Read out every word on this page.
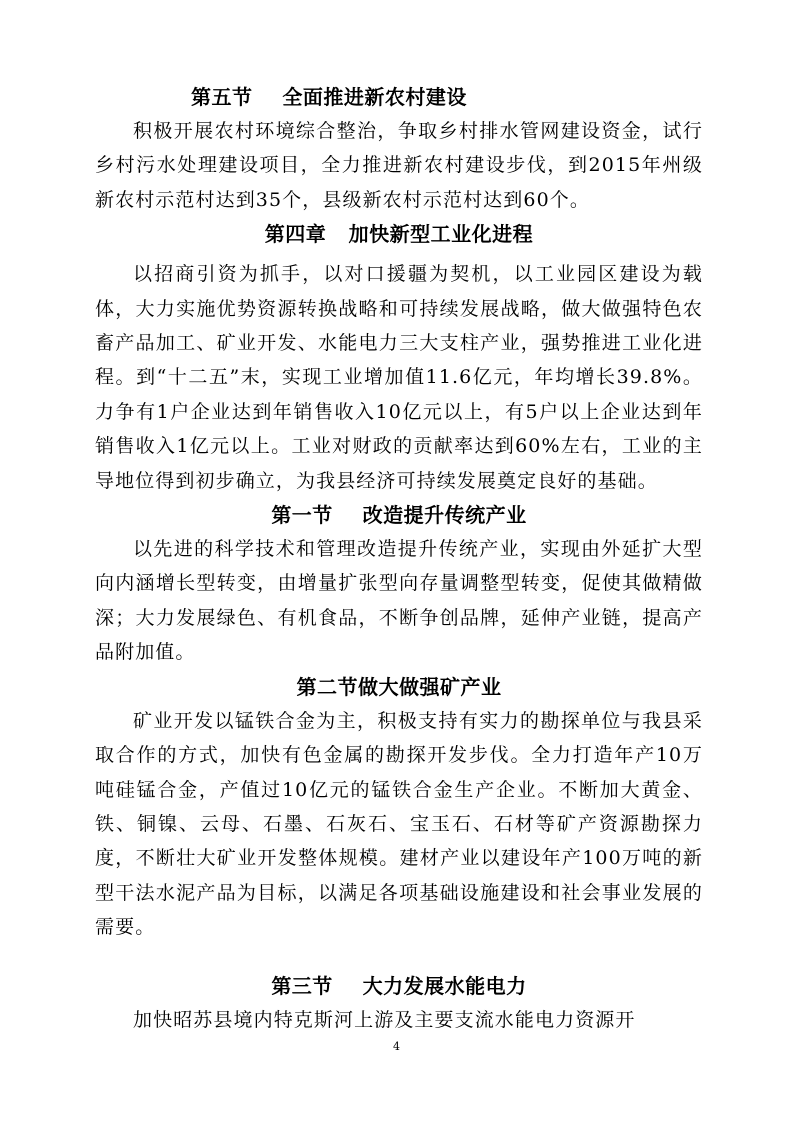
第五节    全面推进新农村建设

积极开展农村环境综合整治，争取乡村排水管网建设资金，试行乡村污水处理建设项目，全力推进新农村建设步伐，到2015年州级新农村示范村达到35个，县级新农村示范村达到60个。

第四章   加快新型工业化进程

以招商引资为抓手，以对口援疆为契机，以工业园区建设为载体，大力实施优势资源转换战略和可持续发展战略，做大做强特色农畜产品加工、矿业开发、水能电力三大支柱产业，强势推进工业化进程。到“十二五”末，实现工业增加值11.6亿元，年均增长39.8%。力争有1户企业达到年销售收入10亿元以上，有5户以上企业达到年销售收入1亿元以上。工业对财政的贡献率达到60%左右，工业的主导地位得到初步确立，为我县经济可持续发展奠定良好的基础。

第一节    改造提升传统产业

以先进的科学技术和管理改造提升传统产业，实现由外延扩大型向内涵增长型转变，由增量扩张型向存量调整型转变，促使其做精做深；大力发展绿色、有机食品，不断争创品牌，延伸产业链，提高产品附加值。

第二节做大做强矿产业

矿业开发以锰铁合金为主，积极支持有实力的勘探单位与我县采取合作的方式，加快有色金属的勘探开发步伐。全力打造年产10万吨硅锰合金，产值过10亿元的锰铁合金生产企业。不断加大黄金、铁、铜镍、云母、石墨、石灰石、宝玉石、石材等矿产资源勘探力度，不断壮大矿业开发整体规模。建材产业以建设年产100万吨的新型干法水泥产品为目标，以满足各项基础设施建设和社会事业发展的需要。

第三节    大力发展水能电力

加快昭苏县境内特克斯河上游及主要支流水能电力资源开

4
